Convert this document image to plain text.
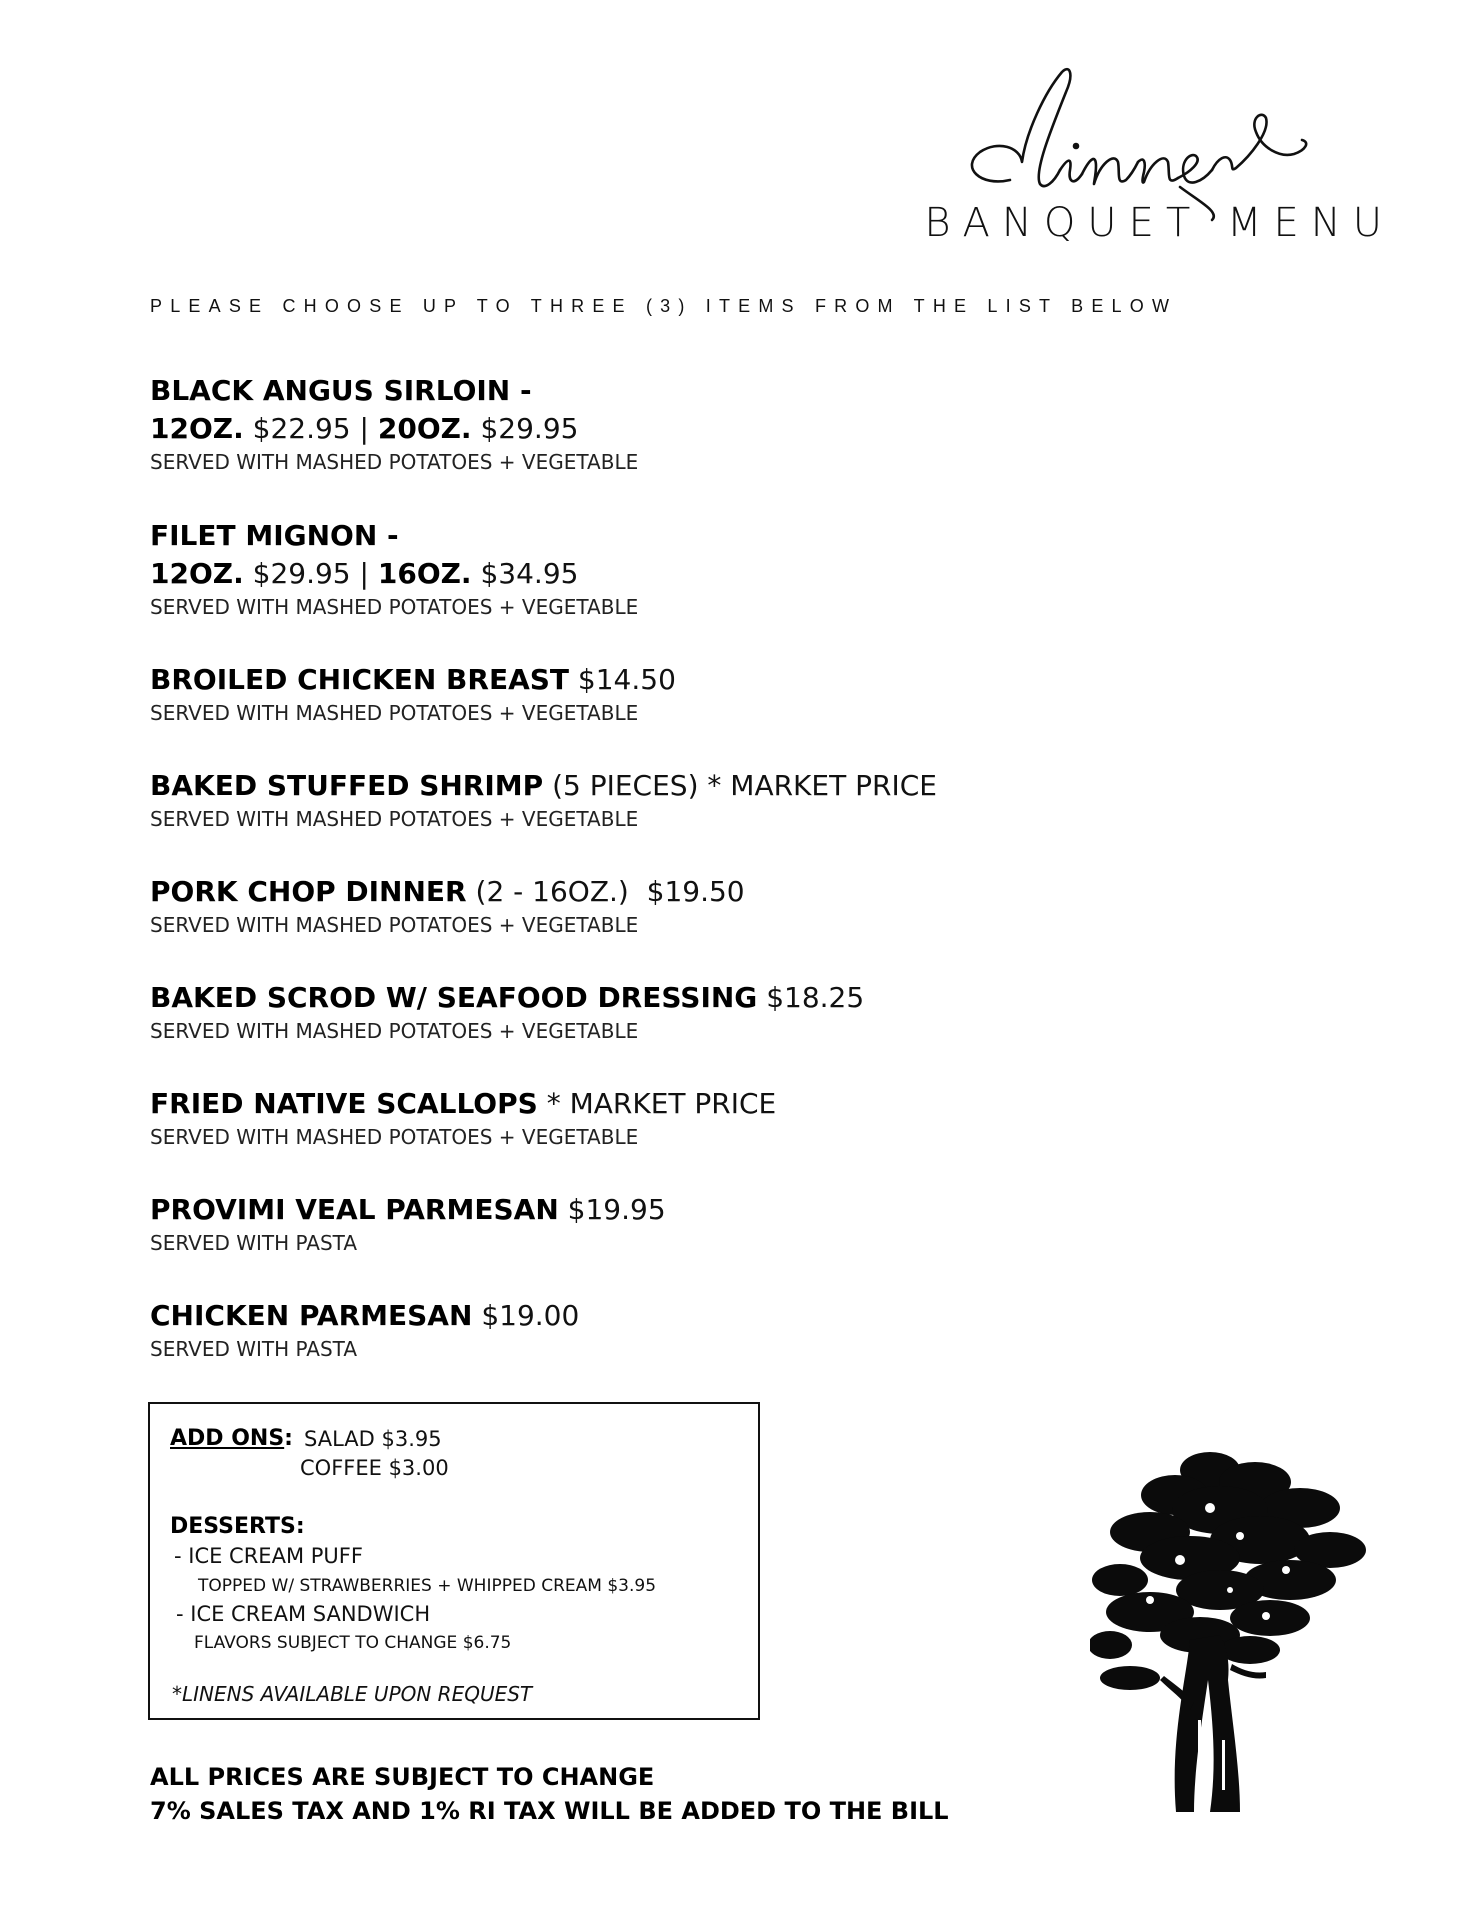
BANQUET MENU
PLEASE CHOOSE UP TO THREE (3) ITEMS FROM THE LIST BELOW
BLACK ANGUS SIRLOIN -
12OZ. $22.95 | 20OZ. $29.95
SERVED WITH MASHED POTATOES + VEGETABLE
FILET MIGNON -
12OZ. $29.95 | 16OZ. $34.95
SERVED WITH MASHED POTATOES + VEGETABLE
BROILED CHICKEN BREAST $14.50
SERVED WITH MASHED POTATOES + VEGETABLE
BAKED STUFFED SHRIMP (5 PIECES) * MARKET PRICE
SERVED WITH MASHED POTATOES + VEGETABLE
PORK CHOP DINNER (2 - 16OZ.)  $19.50
SERVED WITH MASHED POTATOES + VEGETABLE
BAKED SCROD W/ SEAFOOD DRESSING $18.25
SERVED WITH MASHED POTATOES + VEGETABLE
FRIED NATIVE SCALLOPS * MARKET PRICE
SERVED WITH MASHED POTATOES + VEGETABLE
PROVIMI VEAL PARMESAN $19.95
SERVED WITH PASTA
CHICKEN PARMESAN $19.00
SERVED WITH PASTA
ADD ONS: SALAD $3.95
COFFEE $3.00
DESSERTS:
- ICE CREAM PUFF
TOPPED W/ STRAWBERRIES + WHIPPED CREAM $3.95
- ICE CREAM SANDWICH
FLAVORS SUBJECT TO CHANGE $6.75
*LINENS AVAILABLE UPON REQUEST
ALL PRICES ARE SUBJECT TO CHANGE
7% SALES TAX AND 1% RI TAX WILL BE ADDED TO THE BILL
